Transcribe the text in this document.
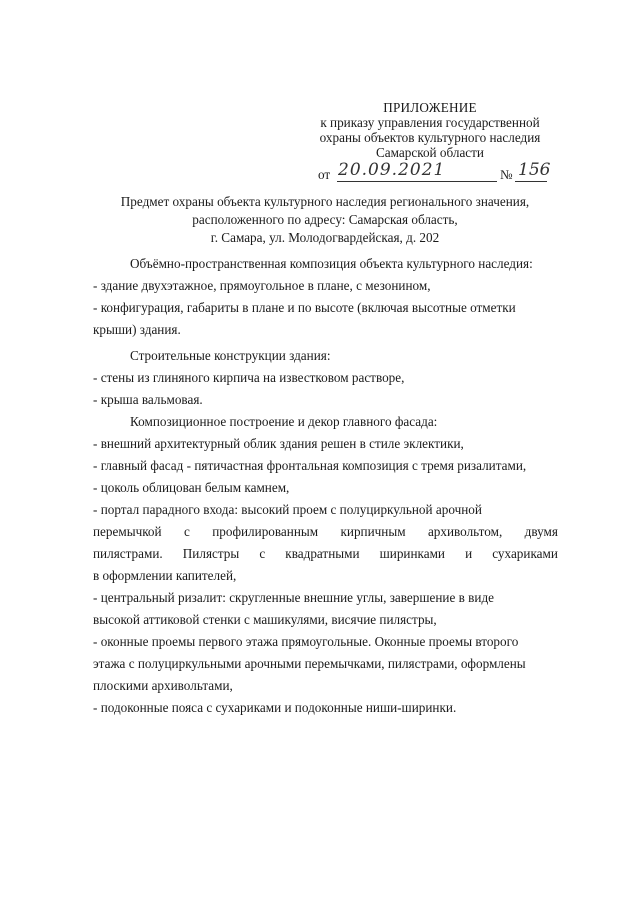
ПРИЛОЖЕНИЕ
к приказу управления государственной
охраны объектов культурного наследия
Самарской области
от 20.09.2021	№ 156
Предмет охраны объекта культурного наследия регионального значения,
расположенного по адресу: Самарская область,
г. Самара, ул. Молодогвардейская, д. 202

Объёмно-пространственная композиция объекта культурного наследия:

- здание двухэтажное, прямоугольное в плане, с мезонином,

- конфигурация, габариты в плане и по высоте (включая высотные отметки

крыши) здания.

Строительные конструкции здания:

- стены из глиняного кирпича на известковом растворе,

- крыша вальмовая.

Композиционное построение и декор главного фасада:

- внешний архитектурный облик здания решен в стиле эклектики,

- главный фасад - пятичастная фронтальная композиция с тремя ризалитами,

- цоколь облицован белым камнем,

- портал парадного входа: высокий проем с полуциркульной арочной

перемычкой с профилированным кирпичным архивольтом, двумя
пилястрами. Пилястры с квадратными ширинками и сухариками

в оформлении капителей,

- центральный ризалит: скругленные внешние углы, завершение в виде

высокой аттиковой стенки с машикулями, висячие пилястры,

- оконные проемы первого этажа прямоугольные. Оконные проемы второго

этажа с полуциркульными арочными перемычками, пилястрами, оформлены

плоскими архивольтами,

- подоконные пояса с сухариками и подоконные ниши-ширинки.
